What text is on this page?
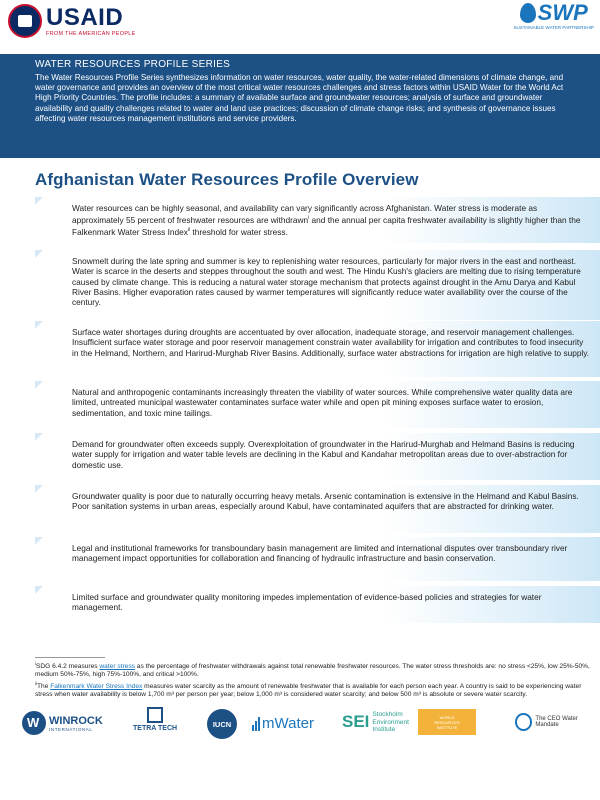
USAID
FROM THE AMERICAN PEOPLE
SWP
SUSTAINABLE WATER PARTNERSHIP
WATER RESOURCES PROFILE SERIES
The Water Resources Profile Series synthesizes information on water resources, water quality, the water-related dimensions of climate change, and water governance and provides an overview of the most critical water resources challenges and stress factors within USAID Water for the World Act High Priority Countries. The profile includes: a summary of available surface and groundwater resources; analysis of surface and groundwater availability and quality challenges related to water and land use practices; discussion of climate change risks; and synthesis of governance issues affecting water resources management institutions and service providers.
Afghanistan Water Resources Profile Overview

Water resources can be highly seasonal, and availability can vary significantly across Afghanistan. Water stress is moderate as approximately 55 percent of freshwater resources are withdrawn$^i$ and the annual per capita freshwater availability is slightly higher than the Falkenmark Water Stress Index$^{ii}$ threshold for water stress.

Snowmelt during the late spring and summer is key to replenishing water resources, particularly for major rivers in the east and northeast. Water is scarce in the deserts and steppes throughout the south and west. The Hindu Kush's glaciers are melting due to rising temperature caused by climate change. This is reducing a natural water storage mechanism that protects against drought in the Amu Darya and Kabul River Basins. Higher evaporation rates caused by warmer temperatures will significantly reduce water availability over the course of the century.

Surface water shortages during droughts are accentuated by over allocation, inadequate storage, and reservoir management challenges. Insufficient surface water storage and poor reservoir management constrain water availability for irrigation and contributes to food insecurity in the Helmand, Northern, and Harirud-Murghab River Basins. Additionally, surface water abstractions for irrigation are high relative to supply.

Natural and anthropogenic contaminants increasingly threaten the viability of water sources. While comprehensive water quality data are limited, untreated municipal wastewater contaminates surface water while and open pit mining exposes surface water to erosion, sedimentation, and toxic mine tailings.

Demand for groundwater often exceeds supply. Overexploitation of groundwater in the Harirud-Murghab and Helmand Basins is reducing water supply for irrigation and water table levels are declining in the Kabul and Kandahar metropolitan areas due to over-abstraction for domestic use.

Groundwater quality is poor due to naturally occurring heavy metals. Arsenic contamination is extensive in the Helmand and Kabul Basins. Poor sanitation systems in urban areas, especially around Kabul, have contaminated aquifers that are abstracted for drinking water.

Legal and institutional frameworks for transboundary basin management are limited and international disputes over transboundary river management impact opportunities for collaboration and financing of hydraulic infrastructure and basin conservation.

Limited surface and groundwater quality monitoring impedes implementation of evidence-based policies and strategies for water management.

$^i$SDG 6.4.2 measures water stress as the percentage of freshwater withdrawals against total renewable freshwater resources. The water stress thresholds are: no stress <25%, low 25%-50%, medium 50%-75%, high 75%-100%, and critical >100%.
$^{ii}$The Falkenmark Water Stress Index measures water scarcity as the amount of renewable freshwater that is available for each person each year. A country is said to be experiencing water stress when water availability is below 1,700 m³ per person per year; below 1,000 m³ is considered water scarcity; and below 500 m³ is absolute or severe water scarcity.
W WINROCK
INTERNATIONAL	TETRA TECH	IUCN mWater SEI Stockholm Environment Institute
WORLD RESOURCES INSTITUTE
The CEO Water Mandate
